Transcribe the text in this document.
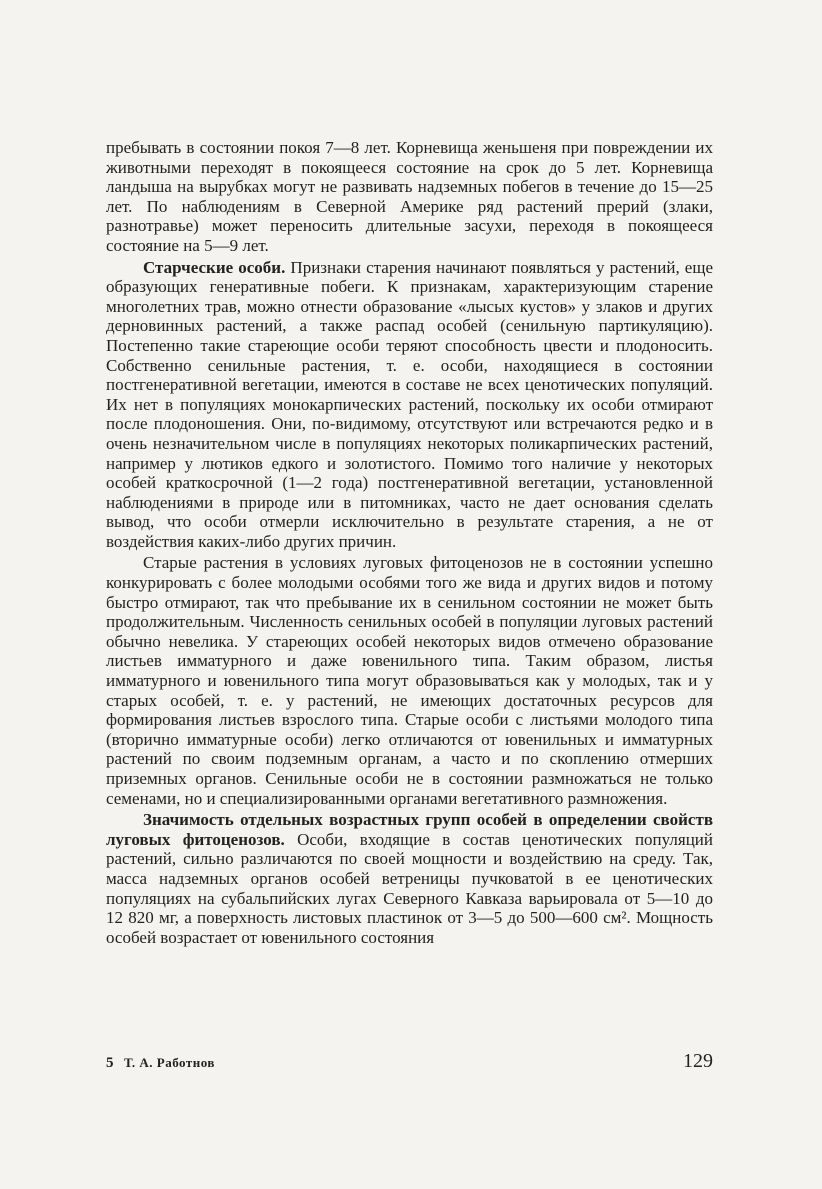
пребывать в состоянии покоя 7—8 лет. Корневища женьшеня при повреждении их животными переходят в покоящееся состояние на срок до 5 лет. Корневища ландыша на вырубках могут не развивать надземных побегов в течение до 15—25 лет. По наблюдениям в Северной Америке ряд растений прерий (злаки, разнотравье) может переносить длительные засухи, переходя в покоящееся состояние на 5—9 лет.

Старческие особи. Признаки старения начинают появляться у растений, еще образующих генеративные побеги. К признакам, характеризующим старение многолетних трав, можно отнести образование «лысых кустов» у злаков и других дерновинных растений, а также распад особей (сенильную партикуляцию). Постепенно такие стареющие особи теряют способность цвести и плодоносить. Собственно сенильные растения, т. е. особи, находящиеся в состоянии постгенеративной вегетации, имеются в составе не всех ценотических популяций. Их нет в популяциях монокарпических растений, поскольку их особи отмирают после плодоношения. Они, по-видимому, отсутствуют или встречаются редко и в очень незначительном числе в популяциях некоторых поликарпических растений, например у лютиков едкого и золотистого. Помимо того наличие у некоторых особей краткосрочной (1—2 года) постгенеративной вегетации, установленной наблюдениями в природе или в питомниках, часто не дает основания сделать вывод, что особи отмерли исключительно в результате старения, а не от воздействия каких-либо других причин.

Старые растения в условиях луговых фитоценозов не в состоянии успешно конкурировать с более молодыми особями того же вида и других видов и потому быстро отмирают, так что пребывание их в сенильном состоянии не может быть продолжительным. Численность сенильных особей в популяции луговых растений обычно невелика. У стареющих особей некоторых видов отмечено образование листьев имматурного и даже ювенильного типа. Таким образом, листья имматурного и ювенильного типа могут образовываться как у молодых, так и у старых особей, т. е. у растений, не имеющих достаточных ресурсов для формирования листьев взрослого типа. Старые особи с листьями молодого типа (вторично имматурные особи) легко отличаются от ювенильных и имматурных растений по своим подземным органам, а часто и по скоплению отмерших приземных органов. Сенильные особи не в состоянии размножаться не только семенами, но и специализированными органами вегетативного размножения.

Значимость отдельных возрастных групп особей в определении свойств луговых фитоценозов. Особи, входящие в состав ценотических популяций растений, сильно различаются по своей мощности и воздействию на среду. Так, масса надземных органов особей ветреницы пучковатой в ее ценотических популяциях на субальпийских лугах Северного Кавказа варьировала от 5—10 до 12 820 мг, а поверхность листовых пластинок от 3—5 до 500—600 см². Мощность особей возрастает от ювенильного состояния

5 Т. А. Работнов	129
